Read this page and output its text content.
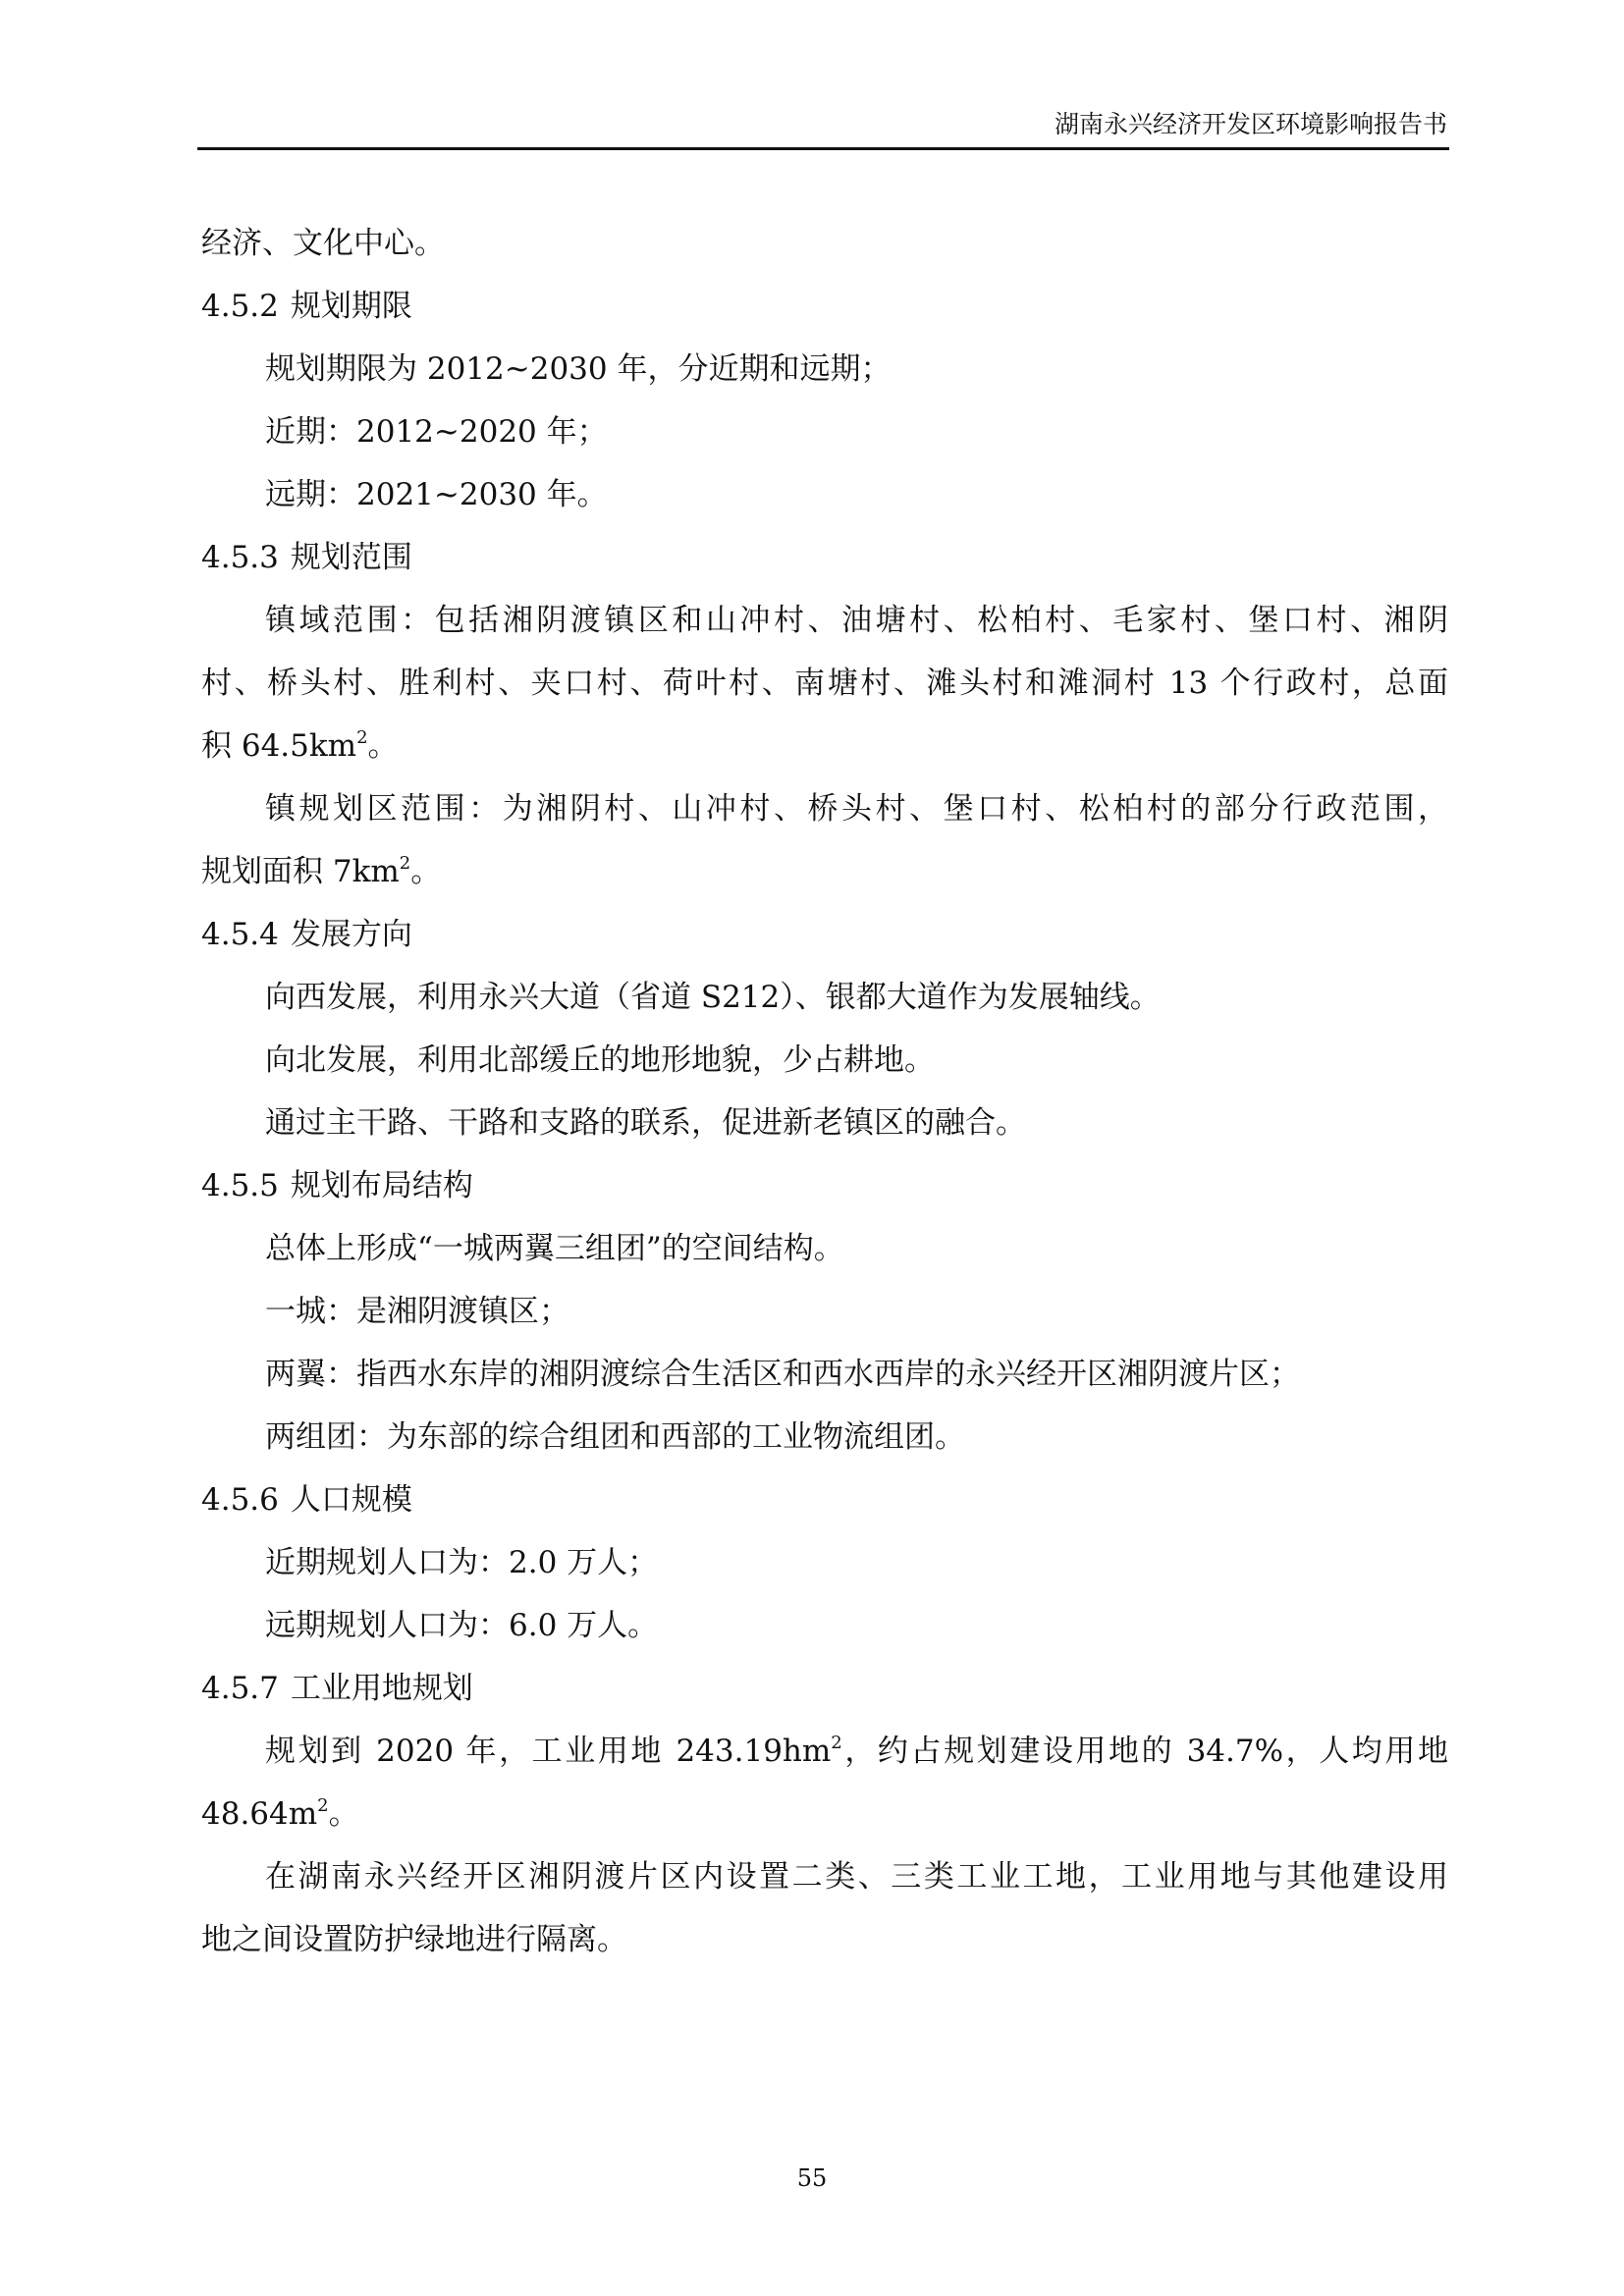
湖南永兴经济开发区环境影响报告书
经济、文化中心。
4.5.2 规划期限
规划期限为 2012~2030 年，分近期和远期；
近期：2012~2020 年；
远期：2021~2030 年。
4.5.3 规划范围
镇域范围：包括湘阴渡镇区和山冲村、油塘村、松柏村、毛家村、堡口村、湘阴
村、桥头村、胜利村、夹口村、荷叶村、南塘村、滩头村和滩洞村 13 个行政村，总面
积 $64.5km^2$。
镇规划区范围：为湘阴村、山冲村、桥头村、堡口村、松柏村的部分行政范围，
规划面积 $7km^2$。
4.5.4 发展方向
向西发展，利用永兴大道（省道 S212）、银都大道作为发展轴线。
向北发展，利用北部缓丘的地形地貌，少占耕地。
通过主干路、干路和支路的联系，促进新老镇区的融合。
4.5.5 规划布局结构
总体上形成“一城两翼三组团”的空间结构。
一城：是湘阴渡镇区；
两翼：指西水东岸的湘阴渡综合生活区和西水西岸的永兴经开区湘阴渡片区；
两组团：为东部的综合组团和西部的工业物流组团。
4.5.6 人口规模
近期规划人口为：2.0 万人；
远期规划人口为：6.0 万人。
4.5.7 工业用地规划
规划到 2020 年，工业用地 $243.19hm^2$，约占规划建设用地的 34.7%，人均用地
$48.64m^2$。
在湖南永兴经开区湘阴渡片区内设置二类、三类工业工地，工业用地与其他建设用
地之间设置防护绿地进行隔离。
55
